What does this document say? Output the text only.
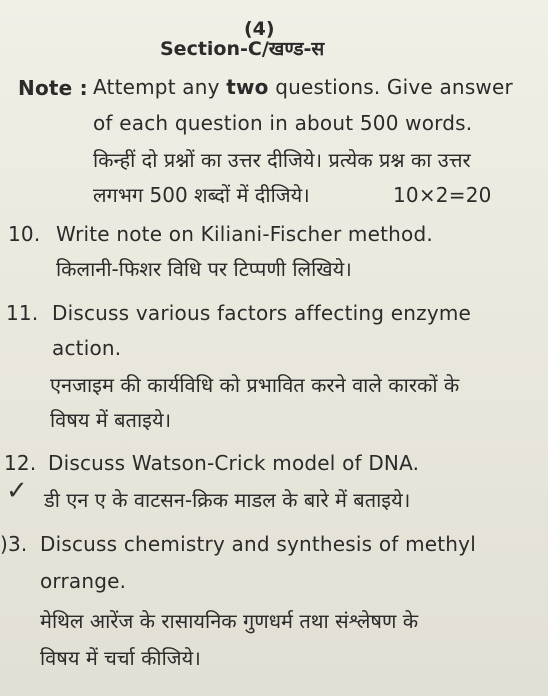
(4)
Section-C/खण्ड-स
Note : Attempt any two questions. Give answer
of each question in about 500 words.
किन्हीं दो प्रश्नों का उत्तर दीजिये। प्रत्येक प्रश्न का उत्तर
लगभग 500 शब्दों में दीजिये।	10×2=20
10. Write note on Kiliani-Fischer method.
किलानी-फिशर विधि पर टिप्पणी लिखिये।
11. Discuss various factors affecting enzyme
action.
एनजाइम की कार्यविधि को प्रभावित करने वाले कारकों के
विषय में बताइये।
12. Discuss Watson-Crick model of DNA.
डी एन ए के वाटसन-क्रिक माडल के बारे में बताइये।
✓
)3. Discuss chemistry and synthesis of methyl
orrange.
मेथिल आरेंज के रासायनिक गुणधर्म तथा संश्लेषण के
विषय में चर्चा कीजिये।
